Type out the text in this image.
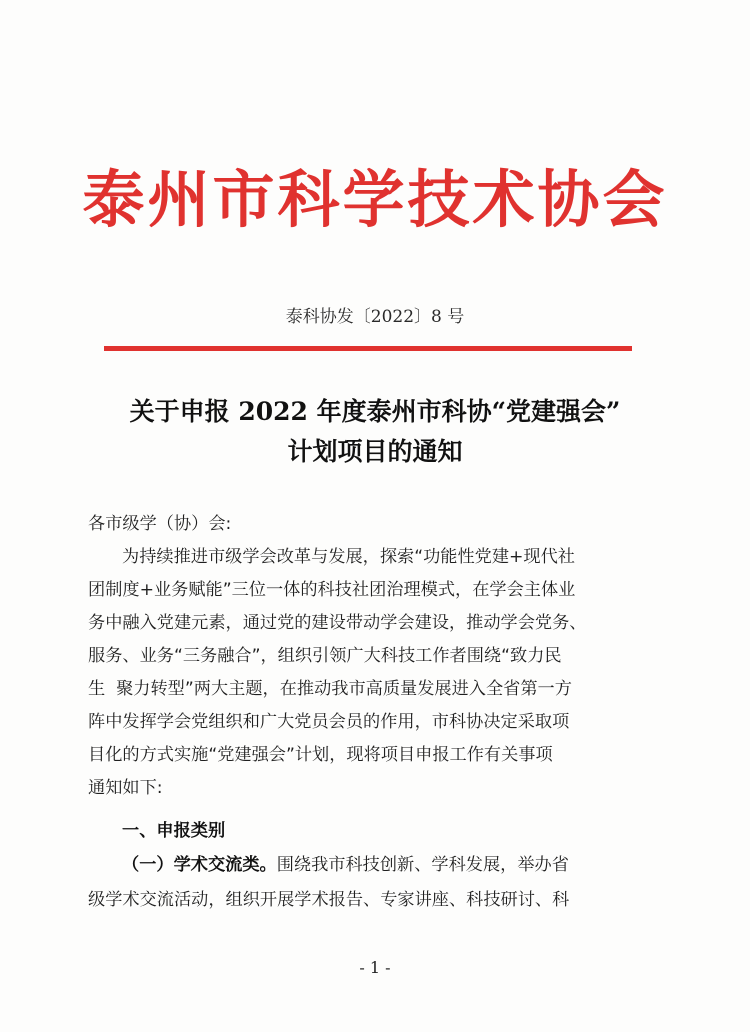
泰州市科学技术协会
泰科协发〔2022〕8 号
关于申报 2022 年度泰州市科协“党建强会”
计划项目的通知
各市级学（协）会:
为持续推进市级学会改革与发展，探索“功能性党建+现代社
团制度+业务赋能”三位一体的科技社团治理模式，在学会主体业
务中融入党建元素，通过党的建设带动学会建设，推动学会党务、
服务、业务“三务融合”，组织引领广大科技工作者围绕“致力民
生  聚力转型”两大主题，在推动我市高质量发展进入全省第一方
阵中发挥学会党组织和广大党员会员的作用，市科协决定采取项
目化的方式实施“党建强会”计划，现将项目申报工作有关事项
通知如下:
一、申报类别
（一）学术交流类。围绕我市科技创新、学科发展，举办省
级学术交流活动，组织开展学术报告、专家讲座、科技研讨、科
- 1 -
